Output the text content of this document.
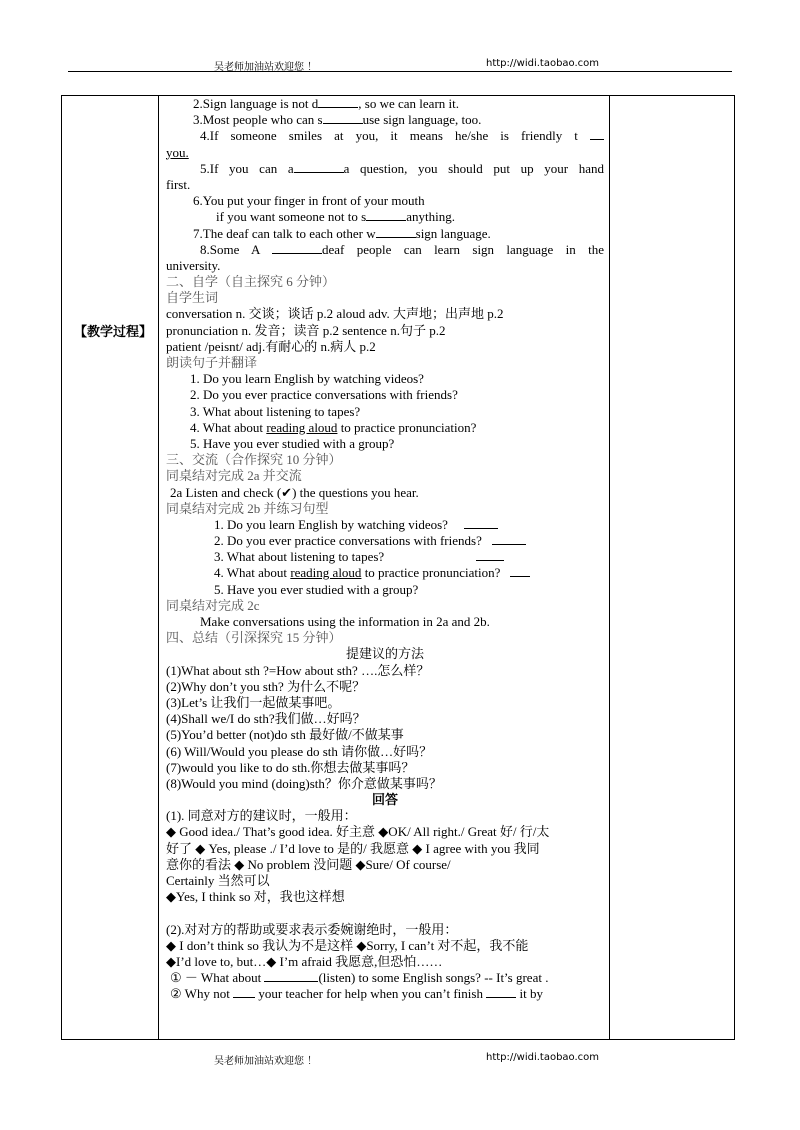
吴老师加油站欢迎您 ！	http://widi.taobao.com
【教学过程】
2.Sign language is not d	, so we can learn it.
3.Most people who can s	use sign language, too.
4.If someone smiles at you, it means he/she is friendly t
you.
5.If you can a	a question, you should put up your hand
first.
6.You put your finger in front of your mouth
if you want someone not to s	anything.
7.The deaf can talk to each other w	sign language.
8.Some A	deaf people can learn sign language in the
university.
二、自学（自主探究 6 分钟）
自学生词
conversation n. 交谈；谈话 p.2 aloud adv. 大声地；出声地 p.2
pronunciation n. 发音；读音 p.2 sentence n.句子 p.2
patient /peisnt/ adj.有耐心的 n.病人 p.2
朗读句子并翻译
1. Do you learn English by watching videos?
2. Do you ever practice conversations with friends?
3. What about listening to tapes?
4. What about reading aloud to practice pronunciation?
5. Have you ever studied with a group?
三、交流（合作探究 10 分钟）
同桌结对完成 2a 并交流
2a Listen and check (✔) the questions you hear.
同桌结对完成 2b 并练习句型
1. Do you learn English by watching videos?
2. Do you ever practice conversations with friends?
3. What about listening to tapes?
4. What about reading aloud to practice pronunciation?
5. Have you ever studied with a group?
同桌结对完成 2c
Make conversations using the information in 2a and 2b.
四、总结（引深探究 15 分钟）
提建议的方法
(1)What about sth ?=How about sth? ….怎么样？
(2)Why don’t you sth? 为什么不呢？
(3)Let’s 让我们一起做某事吧。
(4)Shall we/I do sth?我们做…好吗？
(5)You’d better (not)do sth 最好做/不做某事
(6) Will/Would you please do sth 请你做…好吗？
(7)would you like to do sth.你想去做某事吗？
(8)Would you mind (doing)sth？你介意做某事吗？
回答
(1). 同意对方的建议时，一般用：
◆ Good idea./ That’s good idea. 好主意 ◆OK/ All right./ Great 好/ 行/太
好了 ◆ Yes, please ./ I’d love to 是的/ 我愿意 ◆ I agree with you 我同
意你的看法 ◆ No problem 没问题 ◆Sure/ Of course/
Certainly 当然可以
◆Yes, I think so 对，我也这样想
(2).对对方的帮助或要求表示委婉谢绝时，一般用：
◆ I don’t think so 我认为不是这样 ◆Sorry, I can’t 对不起，我不能
◆I’d love to, but…◆ I’m afraid 我愿意,但恐怕……
① － What about	(listen) to some English songs? -- It’s great .
② Why not  your teacher for help when you can’t finish  it by
吴老师加油站欢迎您 ！	http://widi.taobao.com
